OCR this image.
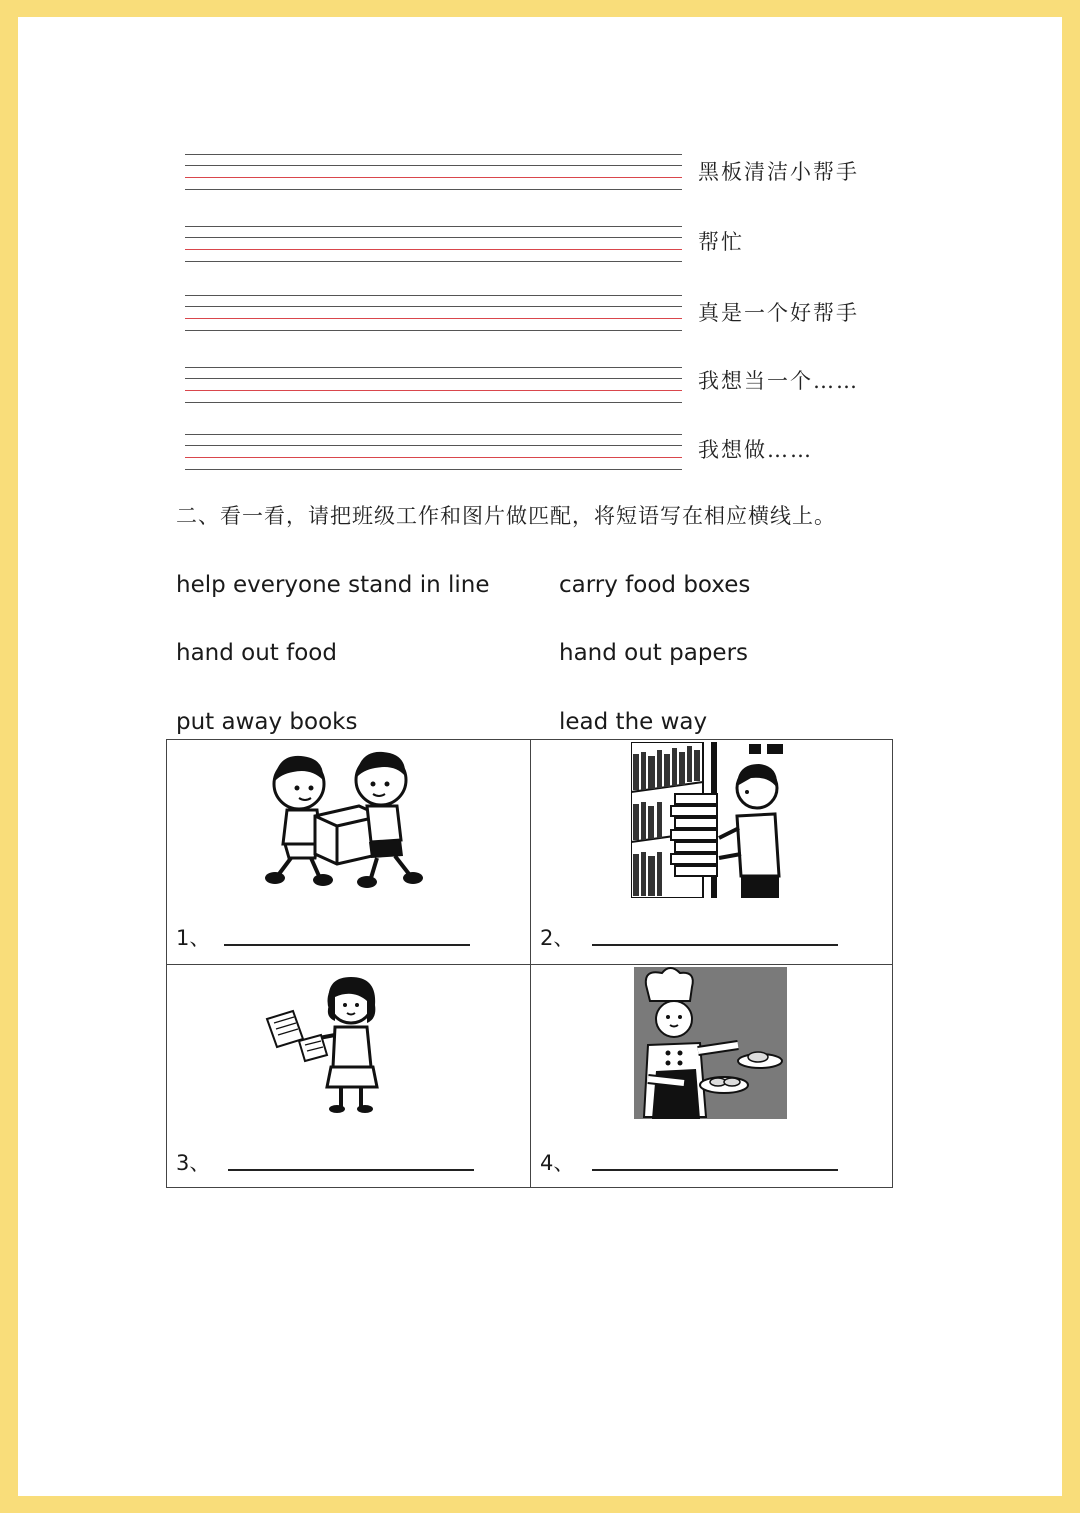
黑板清洁小帮手
帮忙
真是一个好帮手
我想当一个……
我想做……
二、看一看，请把班级工作和图片做匹配，将短语写在相应横线上。
help everyone stand in line	carry food boxes
hand out food	hand out papers
put away books	lead the way
1、	2、
3、	4、
